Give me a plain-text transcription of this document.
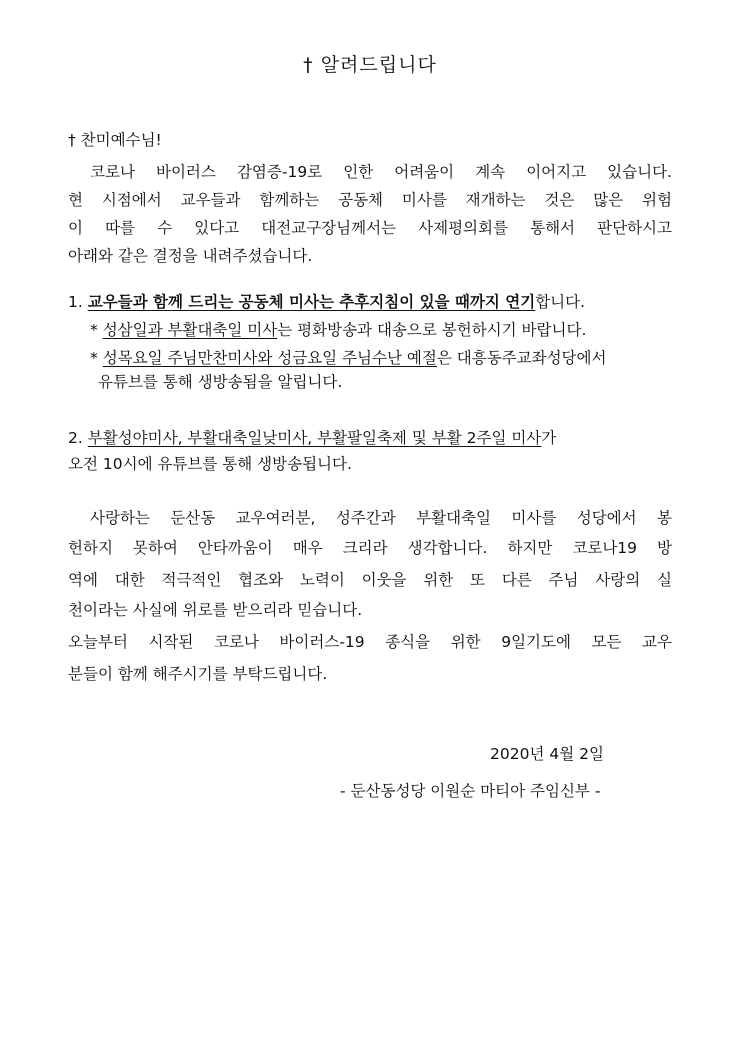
† 알려드립니다
† 찬미예수님!
코로나 바이러스 감염증-19로 인한 어려움이 계속 이어지고 있습니다.
현 시점에서 교우들과 함께하는 공동체 미사를 재개하는 것은 많은 위험
이 따를 수 있다고 대전교구장님께서는 사제평의회를 통해서 판단하시고
아래와 같은 결정을 내려주셨습니다.
1. 교우들과 함께 드리는 공동체 미사는 추후지침이 있을 때까지 연기합니다.
* 성삼일과 부활대축일 미사는 평화방송과 대송으로 봉헌하시기 바랍니다.
* 성목요일 주님만찬미사와 성금요일 주님수난 예절은 대흥동주교좌성당에서
유튜브를 통해 생방송됨을 알립니다.
2. 부활성야미사, 부활대축일낮미사, 부활팔일축제 및 부활 2주일 미사가
오전 10시에 유튜브를 통해 생방송됩니다.
사랑하는 둔산동 교우여러분, 성주간과 부활대축일 미사를 성당에서 봉
헌하지 못하여 안타까움이 매우 크리라 생각합니다. 하지만 코로나19 방
역에 대한 적극적인 협조와 노력이 이웃을 위한 또 다른 주님 사랑의 실
천이라는 사실에 위로를 받으리라 믿습니다.
오늘부터 시작된 코로나 바이러스-19 종식을 위한 9일기도에 모든 교우
분들이 함께 해주시기를 부탁드립니다.
2020년 4월 2일
- 둔산동성당 이원순 마티아 주임신부 -
